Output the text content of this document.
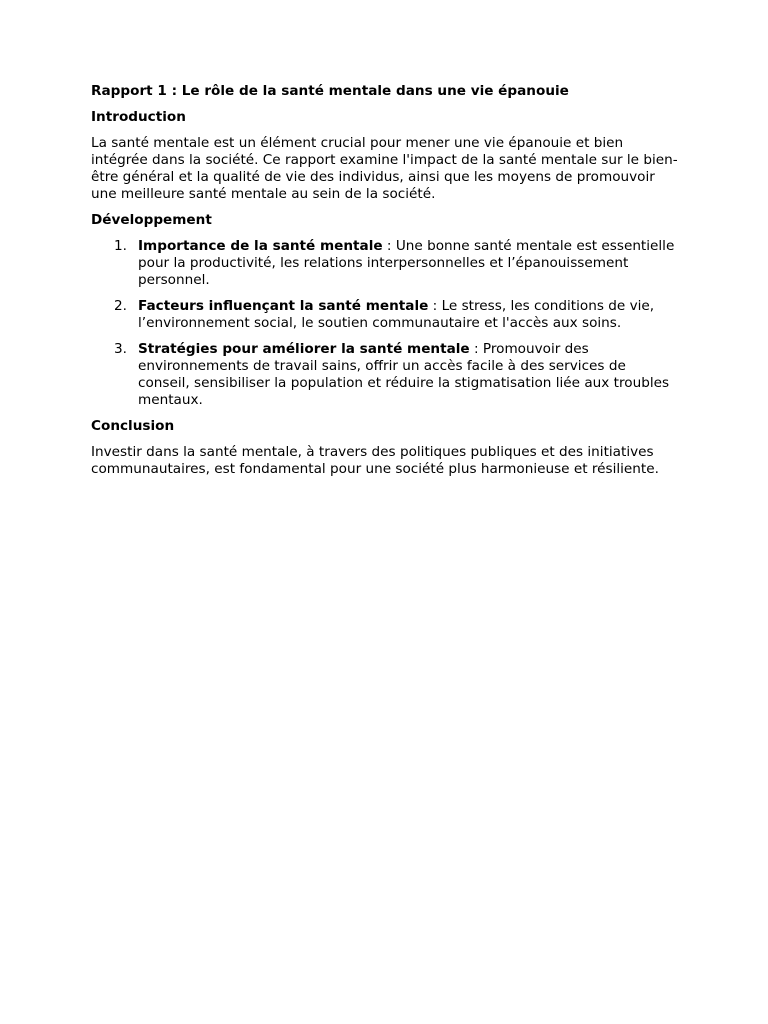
Rapport 1 : Le rôle de la santé mentale dans une vie épanouie
Introduction
La santé mentale est un élément crucial pour mener une vie épanouie et bien intégrée dans la société. Ce rapport examine l'impact de la santé mentale sur le bien-être général et la qualité de vie des individus, ainsi que les moyens de promouvoir une meilleure santé mentale au sein de la société.
Développement
1. Importance de la santé mentale : Une bonne santé mentale est essentielle pour la productivité, les relations interpersonnelles et l’épanouissement personnel.
2. Facteurs influençant la santé mentale : Le stress, les conditions de vie, l’environnement social, le soutien communautaire et l'accès aux soins.
3. Stratégies pour améliorer la santé mentale : Promouvoir des environnements de travail sains, offrir un accès facile à des services de conseil, sensibiliser la population et réduire la stigmatisation liée aux troubles mentaux.
Conclusion
Investir dans la santé mentale, à travers des politiques publiques et des initiatives communautaires, est fondamental pour une société plus harmonieuse et résiliente.
